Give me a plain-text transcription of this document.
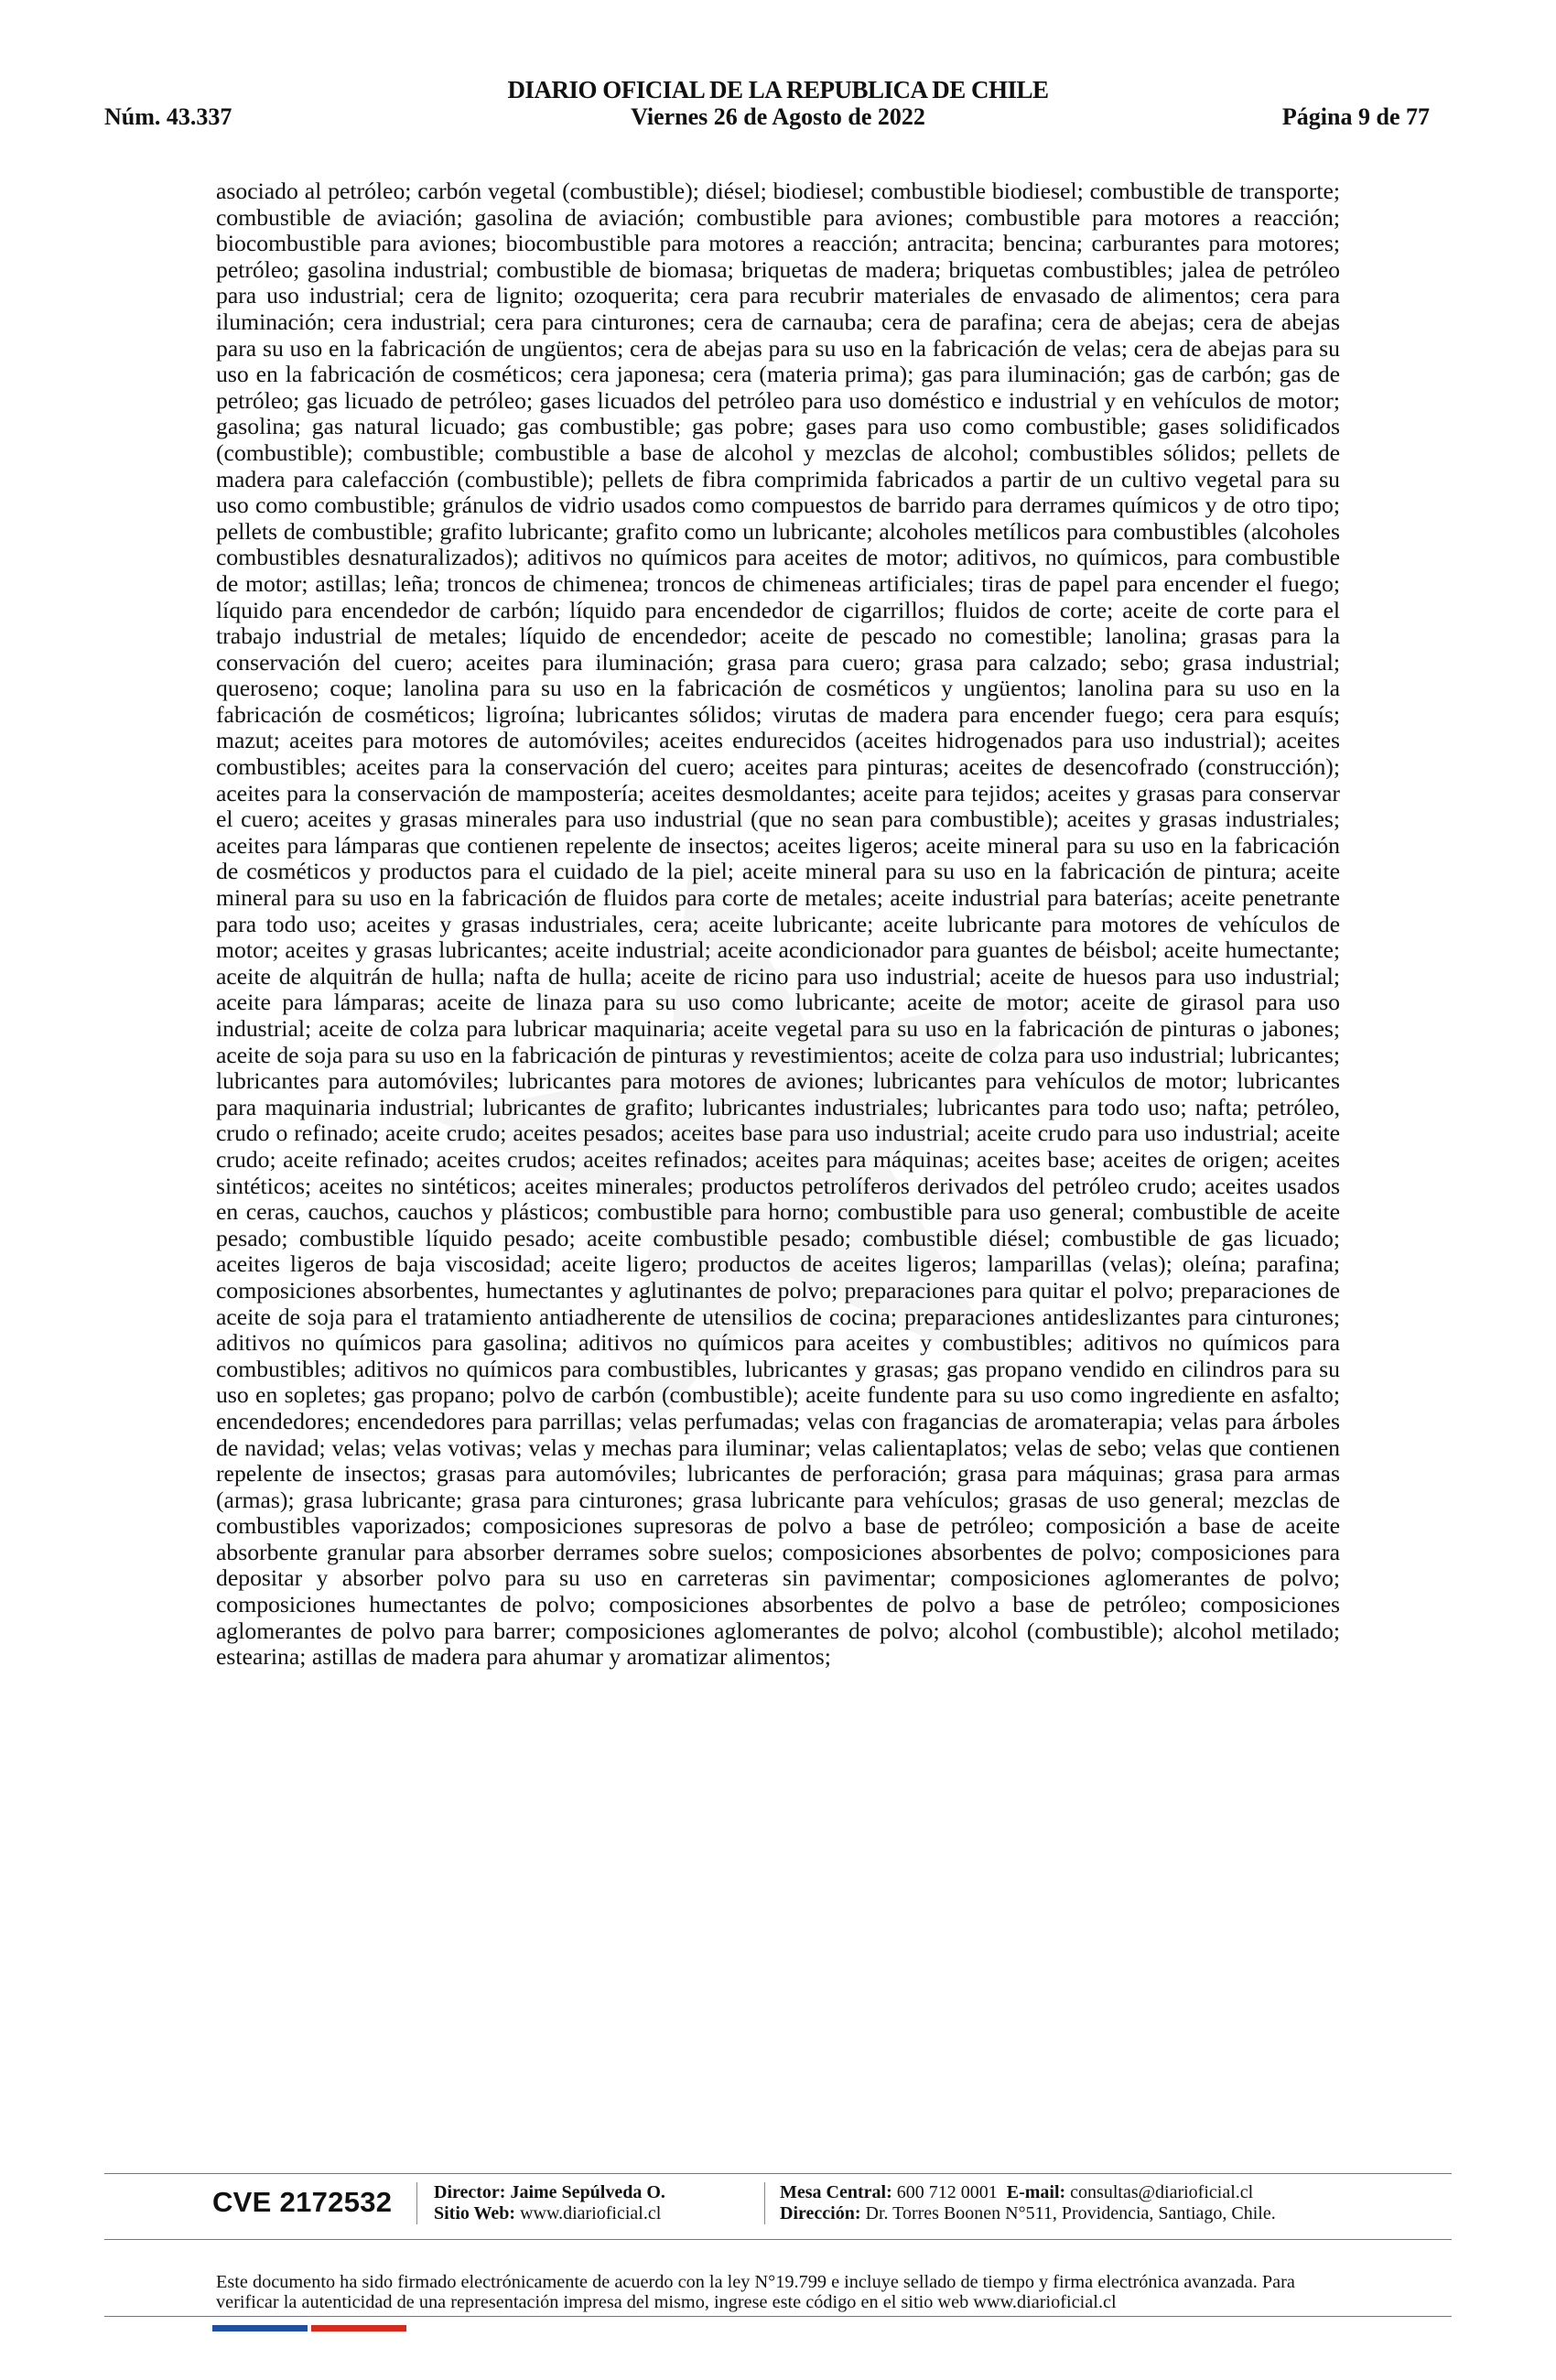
DIARIO OFICIAL DE LA REPUBLICA DE CHILE
Núm. 43.337	Viernes 26 de Agosto de 2022	Página 9 de 77

asociado al petróleo; carbón vegetal (combustible); diésel; biodiesel; combustible biodiesel; combustible de transporte; combustible de aviación; gasolina de aviación; combustible para aviones; combustible para motores a reacción; biocombustible para aviones; biocombustible para motores a reacción; antracita; bencina; carburantes para motores; petróleo; gasolina industrial; combustible de biomasa; briquetas de madera; briquetas combustibles; jalea de petróleo para uso industrial; cera de lignito; ozoquerita; cera para recubrir materiales de envasado de alimentos; cera para iluminación; cera industrial; cera para cinturones; cera de carnauba; cera de parafina; cera de abejas; cera de abejas para su uso en la fabricación de ungüentos; cera de abejas para su uso en la fabricación de velas; cera de abejas para su uso en la fabricación de cosméticos; cera japonesa; cera (materia prima); gas para iluminación; gas de carbón; gas de petróleo; gas licuado de petróleo; gases licuados del petróleo para uso doméstico e industrial y en vehículos de motor; gasolina; gas natural licuado; gas combustible; gas pobre; gases para uso como combustible; gases solidificados (combustible); combustible; combustible a base de alcohol y mezclas de alcohol; combustibles sólidos; pellets de madera para calefacción (combustible); pellets de fibra comprimida fabricados a partir de un cultivo vegetal para su uso como combustible; gránulos de vidrio usados como compuestos de barrido para derrames químicos y de otro tipo; pellets de combustible; grafito lubricante; grafito como un lubricante; alcoholes metílicos para combustibles (alcoholes combustibles desnaturalizados); aditivos no químicos para aceites de motor; aditivos, no químicos, para combustible de motor; astillas; leña; troncos de chimenea; troncos de chimeneas artificiales; tiras de papel para encender el fuego; líquido para encendedor de carbón; líquido para encendedor de cigarrillos; fluidos de corte; aceite de corte para el trabajo industrial de metales; líquido de encendedor; aceite de pescado no comestible; lanolina; grasas para la conservación del cuero; aceites para iluminación; grasa para cuero; grasa para calzado; sebo; grasa industrial; queroseno; coque; lanolina para su uso en la fabricación de cosméticos y ungüentos; lanolina para su uso en la fabricación de cosméticos; ligroína; lubricantes sólidos; virutas de madera para encender fuego; cera para esquís; mazut; aceites para motores de automóviles; aceites endurecidos (aceites hidrogenados para uso industrial); aceites combustibles; aceites para la conservación del cuero; aceites para pinturas; aceites de desencofrado (construcción); aceites para la conservación de mampostería; aceites desmoldantes; aceite para tejidos; aceites y grasas para conservar el cuero; aceites y grasas minerales para uso industrial (que no sean para combustible); aceites y grasas industriales; aceites para lámparas que contienen repelente de insectos; aceites ligeros; aceite mineral para su uso en la fabricación de cosméticos y productos para el cuidado de la piel; aceite mineral para su uso en la fabricación de pintura; aceite mineral para su uso en la fabricación de fluidos para corte de metales; aceite industrial para baterías; aceite penetrante para todo uso; aceites y grasas industriales, cera; aceite lubricante; aceite lubricante para motores de vehículos de motor; aceites y grasas lubricantes; aceite industrial; aceite acondicionador para guantes de béisbol; aceite humectante; aceite de alquitrán de hulla; nafta de hulla; aceite de ricino para uso industrial; aceite de huesos para uso industrial; aceite para lámparas; aceite de linaza para su uso como lubricante; aceite de motor; aceite de girasol para uso industrial; aceite de colza para lubricar maquinaria; aceite vegetal para su uso en la fabricación de pinturas o jabones; aceite de soja para su uso en la fabricación de pinturas y revestimientos; aceite de colza para uso industrial; lubricantes; lubricantes para automóviles; lubricantes para motores de aviones; lubricantes para vehículos de motor; lubricantes para maquinaria industrial; lubricantes de grafito; lubricantes industriales; lubricantes para todo uso; nafta; petróleo, crudo o refinado; aceite crudo; aceites pesados; aceites base para uso industrial; aceite crudo para uso industrial; aceite crudo; aceite refinado; aceites crudos; aceites refinados; aceites para máquinas; aceites base; aceites de origen; aceites sintéticos; aceites no sintéticos; aceites minerales; productos petrolíferos derivados del petróleo crudo; aceites usados en ceras, cauchos, cauchos y plásticos; combustible para horno; combustible para uso general; combustible de aceite pesado; combustible líquido pesado; aceite combustible pesado; combustible diésel; combustible de gas licuado; aceites ligeros de baja viscosidad; aceite ligero; productos de aceites ligeros; lamparillas (velas); oleína; parafina; composiciones absorbentes, humectantes y aglutinantes de polvo; preparaciones para quitar el polvo; preparaciones de aceite de soja para el tratamiento antiadherente de utensilios de cocina; preparaciones antideslizantes para cinturones; aditivos no químicos para gasolina; aditivos no químicos para aceites y combustibles; aditivos no químicos para combustibles; aditivos no químicos para combustibles, lubricantes y grasas; gas propano vendido en cilindros para su uso en sopletes; gas propano; polvo de carbón (combustible); aceite fundente para su uso como ingrediente en asfalto; encendedores; encendedores para parrillas; velas perfumadas; velas con fragancias de aromaterapia; velas para árboles de navidad; velas; velas votivas; velas y mechas para iluminar; velas calientaplatos; velas de sebo; velas que contienen repelente de insectos; grasas para automóviles; lubricantes de perforación; grasa para máquinas; grasa para armas (armas); grasa lubricante; grasa para cinturones; grasa lubricante para vehículos; grasas de uso general; mezclas de combustibles vaporizados; composiciones supresoras de polvo a base de petróleo; composición a base de aceite absorbente granular para absorber derrames sobre suelos; composiciones absorbentes de polvo; composiciones para depositar y absorber polvo para su uso en carreteras sin pavimentar; composiciones aglomerantes de polvo; composiciones humectantes de polvo; composiciones absorbentes de polvo a base de petróleo; composiciones aglomerantes de polvo para barrer; composiciones aglomerantes de polvo; alcohol (combustible); alcohol metilado; estearina; astillas de madera para ahumar y aromatizar alimentos;

CVE 2172532 Director: Jaime Sepúlveda O.
Sitio Web: www.diarioficial.cl
Mesa Central: 600 712 0001 E-mail: consultas@diarioficial.cl
Dirección: Dr. Torres Boonen N°511, Providencia, Santiago, Chile.
Este documento ha sido firmado electrónicamente de acuerdo con la ley N°19.799 e incluye sellado de tiempo y firma electrónica avanzada. Para verificar la autenticidad de una representación impresa del mismo, ingrese este código en el sitio web www.diarioficial.cl
